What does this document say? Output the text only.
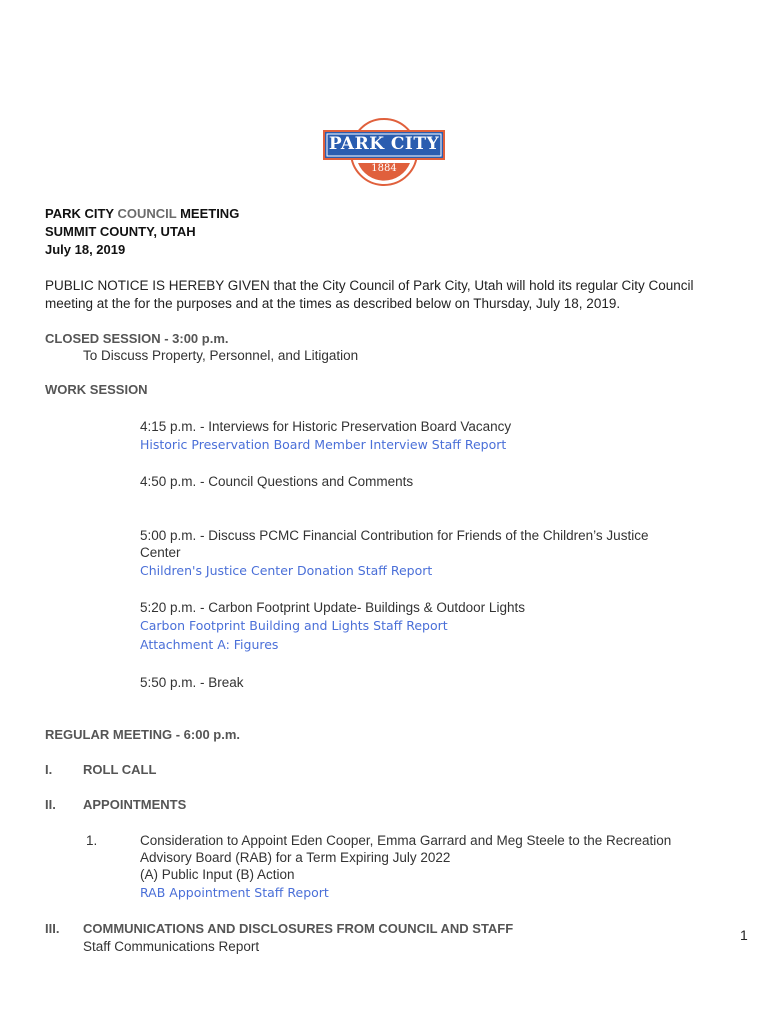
PARK CITY
1884
PARK CITY COUNCIL MEETING
SUMMIT COUNTY, UTAH
July 18, 2019
PUBLIC NOTICE IS HEREBY GIVEN that the City Council of Park City, Utah will hold its regular City Council
meeting at the for the purposes and at the times as described below on Thursday, July 18, 2019.
CLOSED SESSION - 3:00 p.m.
To Discuss Property, Personnel, and Litigation
WORK SESSION
4:15 p.m. - Interviews for Historic Preservation Board Vacancy
Historic Preservation Board Member Interview Staff Report
4:50 p.m. - Council Questions and Comments
5:00 p.m. - Discuss PCMC Financial Contribution for Friends of the Children’s Justice
Center
Children's Justice Center Donation Staff Report
5:20 p.m. - Carbon Footprint Update- Buildings & Outdoor Lights
Carbon Footprint Building and Lights Staff Report
Attachment A: Figures
5:50 p.m. - Break
REGULAR MEETING - 6:00 p.m.
I. ROLL CALL
II. APPOINTMENTS
1.	Consideration to Appoint Eden Cooper, Emma Garrard and Meg Steele to the Recreation
Advisory Board (RAB) for a Term Expiring July 2022
(A) Public Input (B) Action
RAB Appointment Staff Report
III. COMMUNICATIONS AND DISCLOSURES FROM COUNCIL AND STAFF
Staff Communications Report
1
